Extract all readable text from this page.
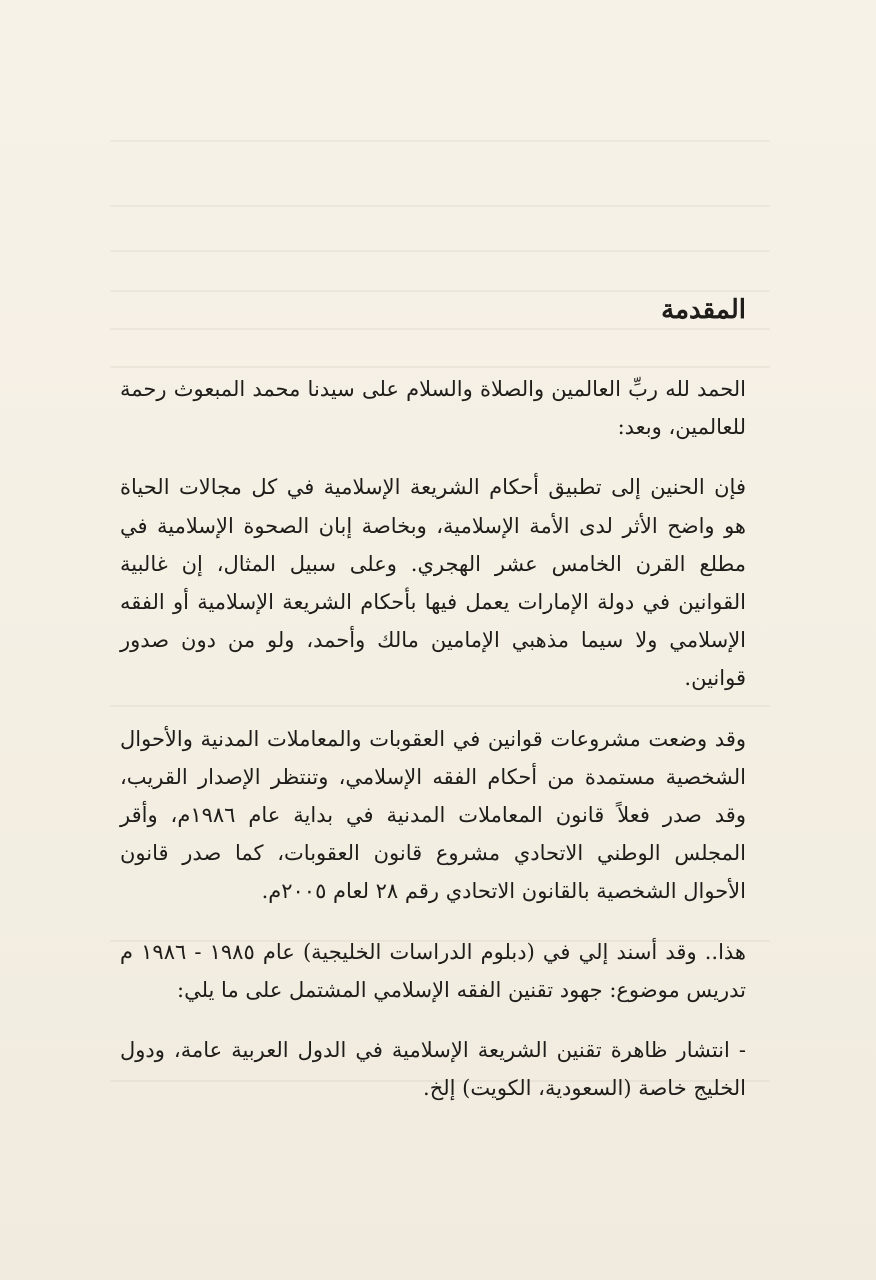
المقدمة

الحمد لله ربِّ العالمين والصلاة والسلام على سيدنا محمد المبعوث رحمة للعالمين، وبعد:

فإن الحنين إلى تطبيق أحكام الشريعة الإسلامية في كل مجالات الحياة هو واضح الأثر لدى الأمة الإسلامية، وبخاصة إبان الصحوة الإسلامية في مطلع القرن الخامس عشر الهجري. وعلى سبيل المثال، إن غالبية القوانين في دولة الإمارات يعمل فيها بأحكام الشريعة الإسلامية أو الفقه الإسلامي ولا سيما مذهبي الإمامين مالك وأحمد، ولو من دون صدور قوانين.

وقد وضعت مشروعات قوانين في العقوبات والمعاملات المدنية والأحوال الشخصية مستمدة من أحكام الفقه الإسلامي، وتنتظر الإصدار القريب، وقد صدر فعلاً قانون المعاملات المدنية في بداية عام ١٩٨٦م، وأقر المجلس الوطني الاتحادي مشروع قانون العقوبات، كما صدر قانون الأحوال الشخصية بالقانون الاتحادي رقم ٢٨ لعام ٢٠٠٥م.

هذا.. وقد أسند إلي في (دبلوم الدراسات الخليجية) عام ١٩٨٥ - ١٩٨٦ م تدريس موضوع: جهود تقنين الفقه الإسلامي المشتمل على ما يلي:

- انتشار ظاهرة تقنين الشريعة الإسلامية في الدول العربية عامة، ودول الخليج خاصة (السعودية، الكويت) إلخ.
